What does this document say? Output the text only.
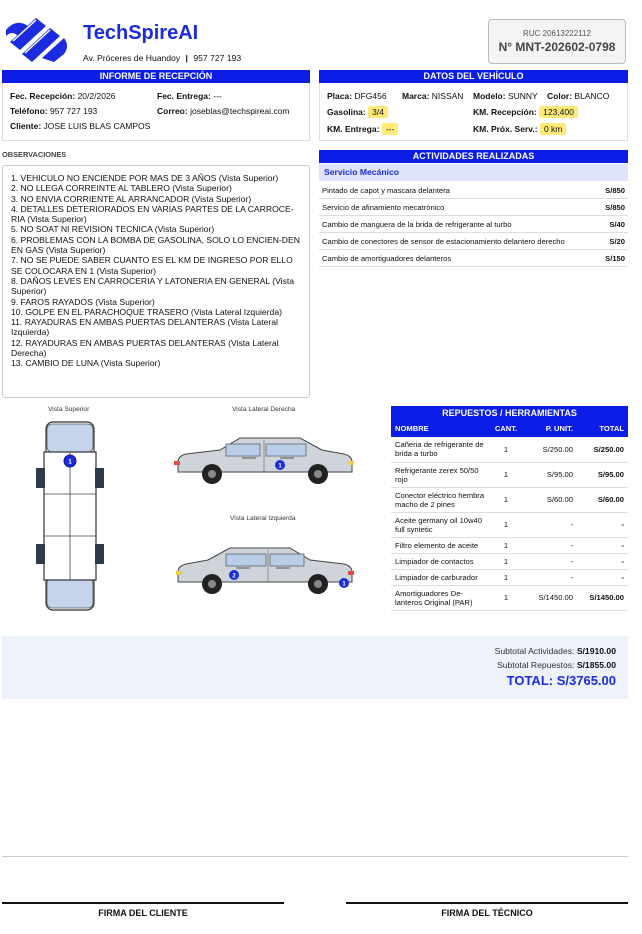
TechSpireAI
Av. Próceres de Huandoy | 957 727 193
RUC 20613222112
N° MNT-202602-0798
INFORME DE RECEPCIÓN
Fec. Recepción: 20/2/2026	Fec. Entrega: ---
Teléfono: 957 727 193	Correo: joseblas@techspireai.com
Cliente: JOSE LUIS BLAS CAMPOS
DATOS DEL VEHÍCULO
Placa: DFG456 Marca: NISSAN Modelo: SUNNY Color: BLANCO
Gasolina: 3/4	KM. Recepción: 123,400
KM. Entrega: ---	KM. Próx. Serv.: 0 km
OBSERVACIONES
1. VEHICULO NO ENCIENDE POR MAS DE 3 AÑOS (Vista Superior)
2. NO LLEGA CORREINTE AL TABLERO (Vista Superior)
3. NO ENVIA CORRIENTE AL ARRANCADOR (Vista Superior)
4. DETALLES DETERIORADOS EN VARIAS PARTES DE LA CARROCE-RIA (Vista Superior)
5. NO SOAT NI REVISION TECNICA (Vista Superior)
6. PROBLEMAS CON LA BOMBA DE GASOLINA, SOLO LO ENCIEN-DEN EN GAS (Vista Superior)
7. NO SE PUEDE SABER CUANTO ES EL KM DE INGRESO POR ELLO SE COLOCARA EN 1 (Vista Superior)
8. DAÑOS LEVES EN CARROCERIA Y LATONERIA EN GENERAL (Vista Superior)
9. FAROS RAYADOS (Vista Superior)
10. GOLPE EN EL PARACHOQUE TRASERO (Vista Lateral Izquierda)
11. RAYADURAS EN AMBAS PUERTAS DELANTERAS (Vista Lateral Izquierda)
12. RAYADURAS EN AMBAS PUERTAS DELANTERAS (Vista Lateral Derecha)
13. CAMBIO DE LUNA (Vista Superior)
ACTIVIDADES REALIZADAS
Servicio Mecánico
Pintado de capot y mascara delantera	S/850
Servicio de afinamiento mecatrónico	S/850
Cambio de manguera de la brida de refrigerante al turbo	S/40
Cambio de conectores de sensor de estacionamiento delantero derecho	S/20
Cambio de amortiguadores delanteros	S/150
Vista Superior
1
Vista Lateral Derecha
1
Vista Lateral Izquierda
2
1
REPUESTOS / HERRAMIENTAS
NOMBRE	CANT.	P. UNIT.	TOTAL
Cañeria de refrigerante de brida a turbo	1	S/250.00	S/250.00
Refrigerante zerex 50/50 rojo	1	S/95.00	S/95.00
Conector eléctrico hembra macho de 2 pines	1	S/60.00	S/60.00
Aceite germany oil 10w40 full syntetic	1	-	-
Filtro elemento de aceite	1	-	-
Limpiador de contactos	1	-	-
Limpiador de carburador	1	-	-
Amortiguadores De-lanteros Original (PAR)	1	S/1450.00	S/1450.00
Subtotal Actividades: S/1910.00
Subtotal Repuestos: S/1855.00
TOTAL: S/3765.00
FIRMA DEL CLIENTE	FIRMA DEL TÉCNICO
